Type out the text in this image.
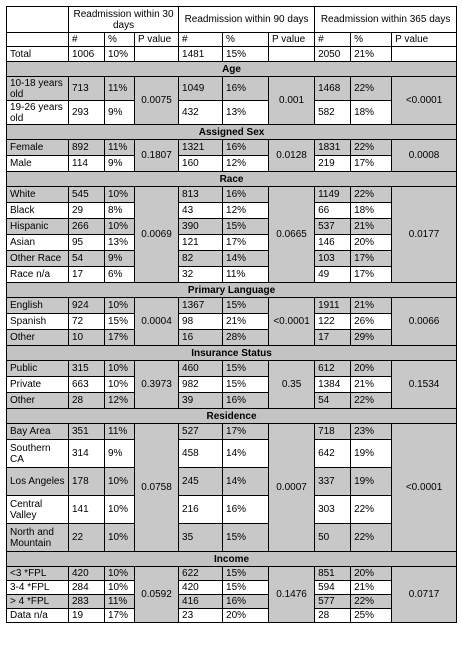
	Readmission within 30 days			Readmission within 90 days			Readmission within 365 days		
	#	%	P value	#	%	P value	#	%	P value
Total	1006	10%		1481	15%		2050	21%	
Age									
10-18 years old	713	11%	0.0075	1049	16%	0.001	1468	22%	<0.0001
19-26 years old	293	9%		432	13%		582	18%	
Assigned Sex									
Female	892	11%	0.1807	1321	16%	0.0128	1831	22%	0.0008
Male	114	9%		160	12%		219	17%	
Race									
White	545	10%	0.0069	813	16%	0.0665	1149	22%	0.0177
Black	29	8%		43	12%		66	18%	
Hispanic	266	10%		390	15%		537	21%	
Asian	95	13%		121	17%		146	20%	
Other Race	54	9%		82	14%		103	17%	
Race n/a	17	6%		32	11%		49	17%	
Primary Language									
English	924	10%	0.0004	1367	15%	<0.0001	1911	21%	0.0066
Spanish	72	15%		98	21%		122	26%	
Other	10	17%		16	28%		17	29%	
Insurance Status									
Public	315	10%	0.3973	460	15%	0.35	612	20%	0.1534
Private	663	10%		982	15%		1384	21%	
Other	28	12%		39	16%		54	22%	
Residence									
Bay Area	351	11%	0.0758	527	17%	0.0007	718	23%	<0.0001
Southern CA	314	9%		458	14%		642	19%	
Los Angeles	178	10%		245	14%		337	19%	
Central Valley	141	10%		216	16%		303	22%	
North and Mountain	22	10%		35	15%		50	22%	
Income									
<3 *FPL	420	10%	0.0592	622	15%	0.1476	851	20%	0.0717
3-4 *FPL	284	10%		420	15%		594	21%	
> 4 *FPL	283	11%		416	16%		577	22%	
Data n/a	19	17%		23	20%		28	25%	
